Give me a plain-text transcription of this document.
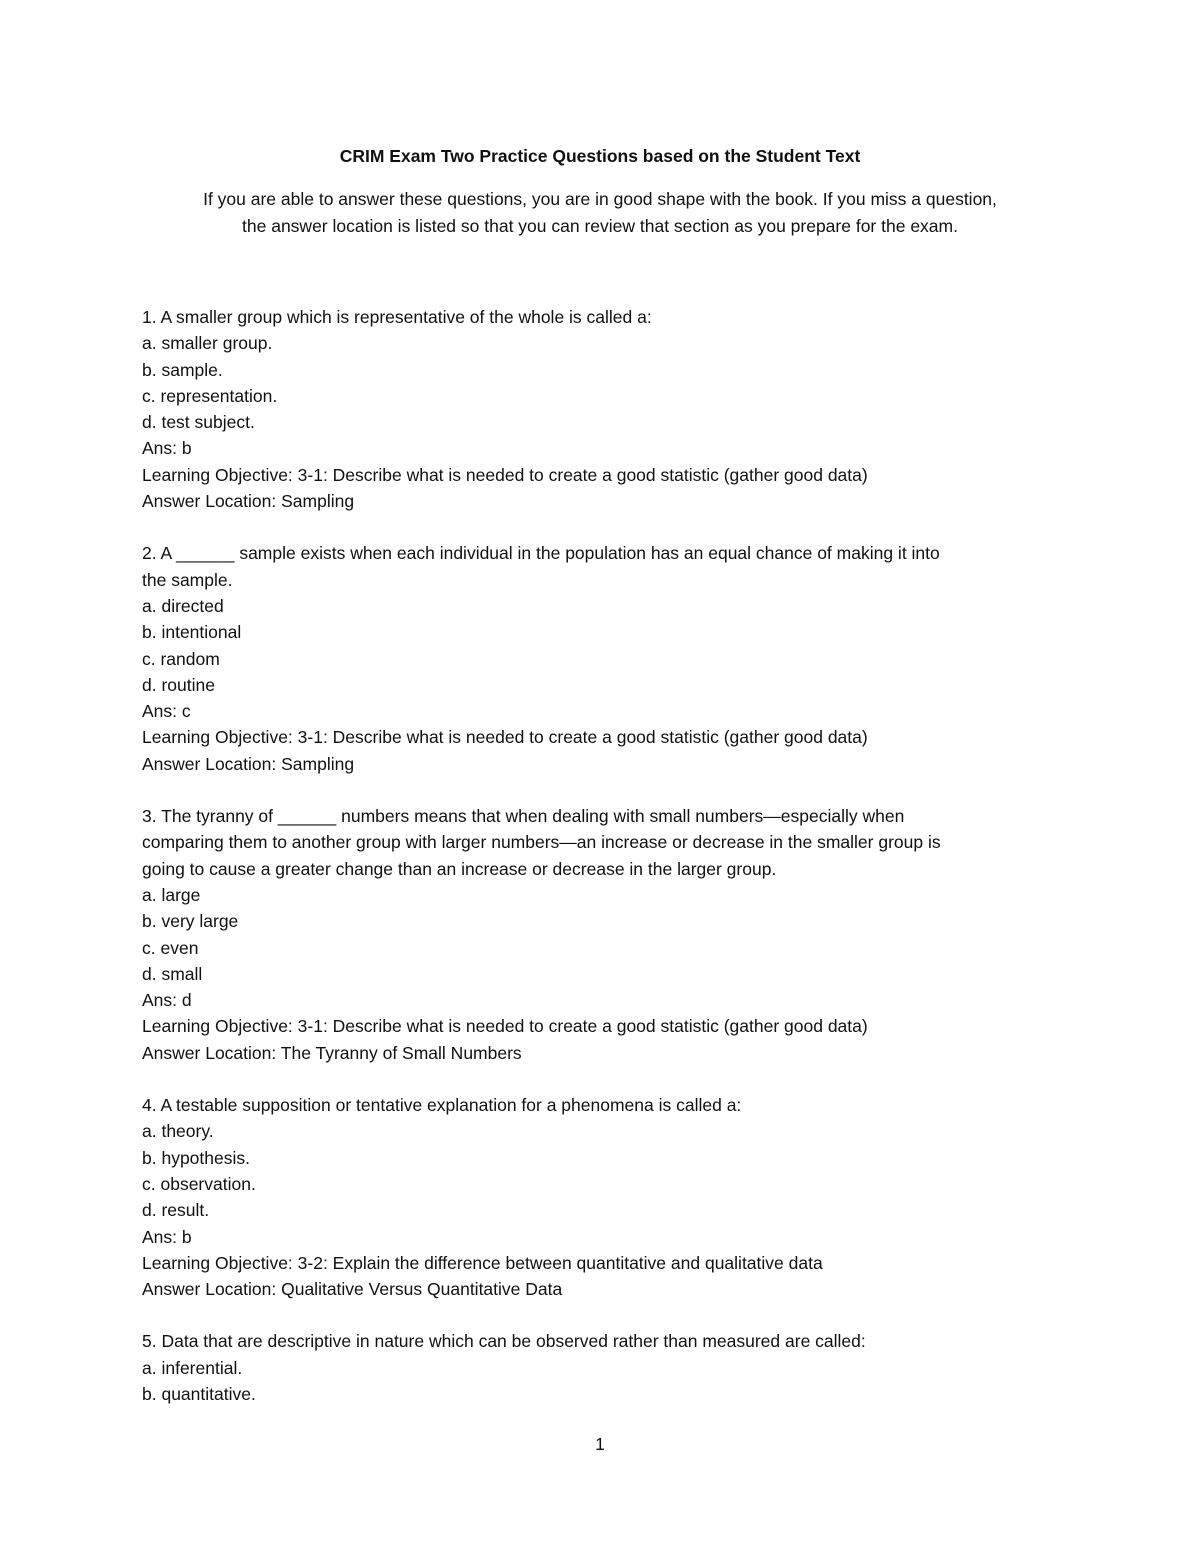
CRIM Exam Two Practice Questions based on the Student Text

If you are able to answer these questions, you are in good shape with the book. If you miss a question,
the answer location is listed so that you can review that section as you prepare for the exam.

1. A smaller group which is representative of the whole is called a:

a. smaller group.

b. sample.

c. representation.

d. test subject.

Ans: b

Learning Objective: 3-1: Describe what is needed to create a good statistic (gather good data)

Answer Location: Sampling

2. A ______ sample exists when each individual in the population has an equal chance of making it into
the sample.

a. directed

b. intentional

c. random

d. routine

Ans: c

Learning Objective: 3-1: Describe what is needed to create a good statistic (gather good data)

Answer Location: Sampling

3. The tyranny of ______ numbers means that when dealing with small numbers—especially when
comparing them to another group with larger numbers—an increase or decrease in the smaller group is
going to cause a greater change than an increase or decrease in the larger group.

a. large

b. very large

c. even

d. small

Ans: d

Learning Objective: 3-1: Describe what is needed to create a good statistic (gather good data)

Answer Location: The Tyranny of Small Numbers

4. A testable supposition or tentative explanation for a phenomena is called a:

a. theory.

b. hypothesis.

c. observation.

d. result.

Ans: b

Learning Objective: 3-2: Explain the difference between quantitative and qualitative data

Answer Location: Qualitative Versus Quantitative Data

5. Data that are descriptive in nature which can be observed rather than measured are called:

a. inferential.

b. quantitative.

1
